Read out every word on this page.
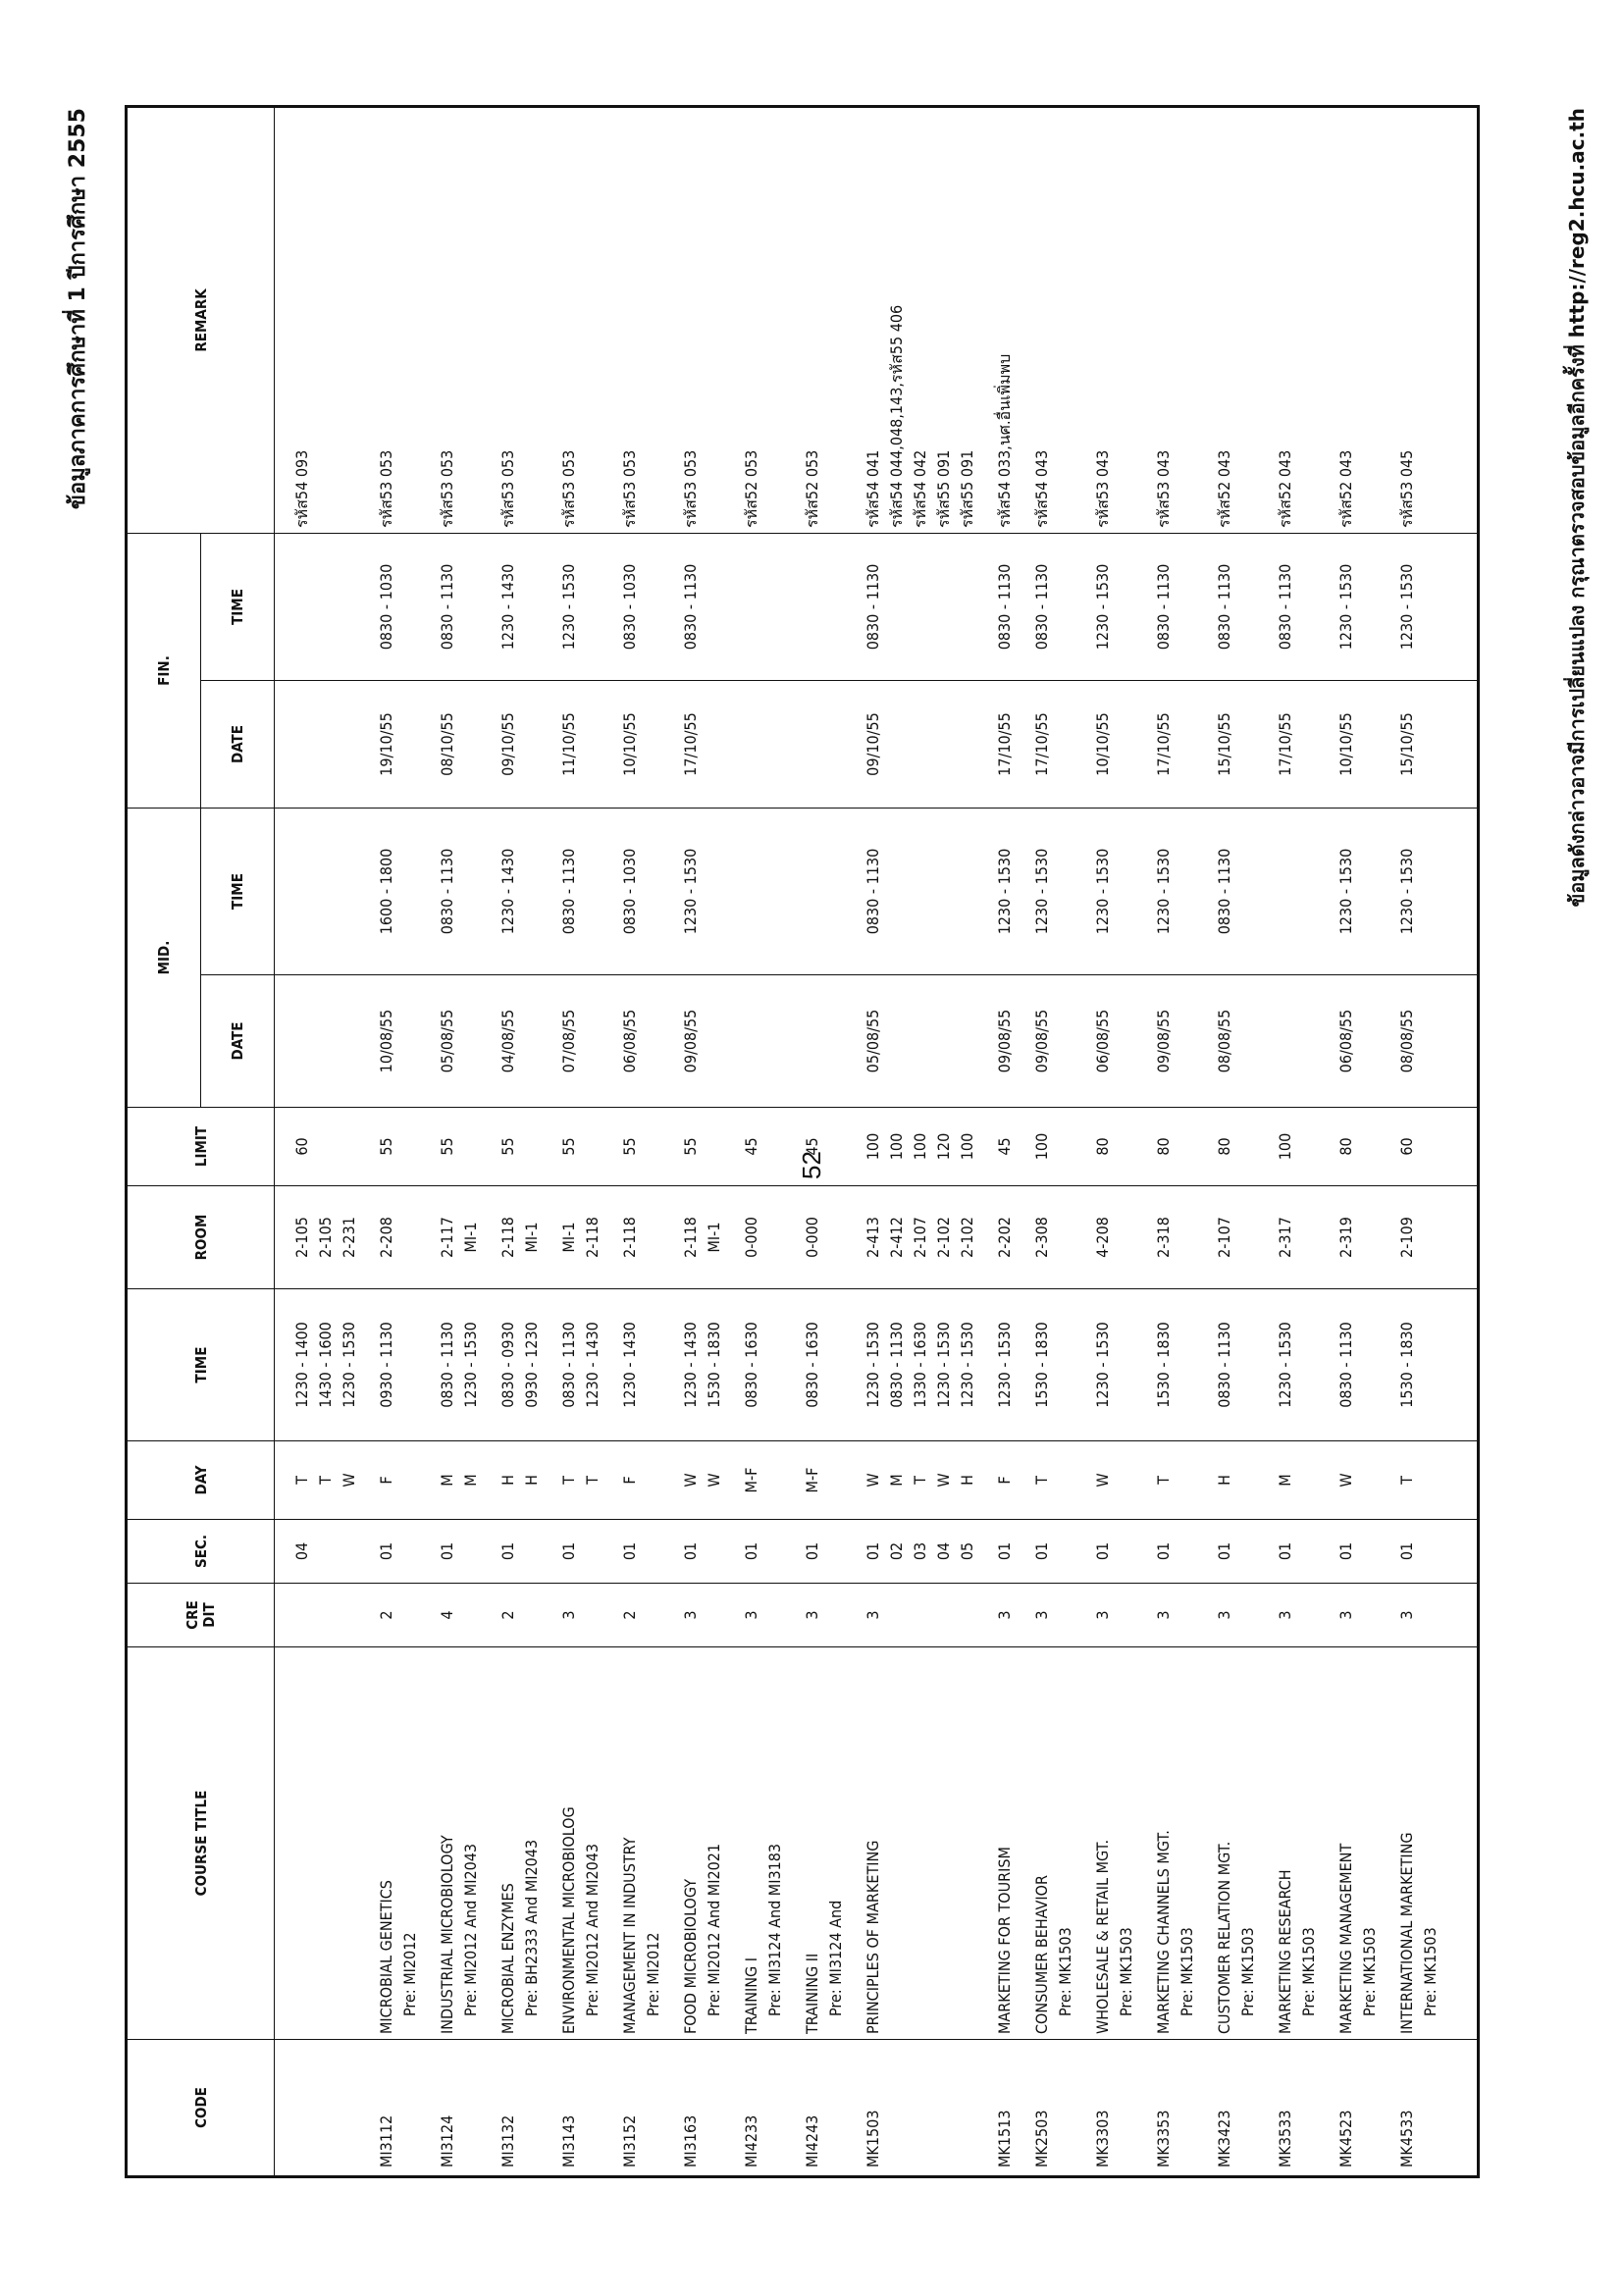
52
ข้อมูลภาคการศึกษาที่ 1 ปีการศึกษา 2555
CODE	COURSE TITLE	CRE
DIT	SEC.	DAY	TIME	ROOM	LIMIT	MID.		FIN.		REMARK
								DATE	TIME	DATE	TIME	

			04	T T W	1230 - 1400 1430 - 1600 1230 - 1530	2-105 2-105 2-231	60					รหัส54 093

MI3112	MICROBIAL GENETICS Pre: MI2012	2	01	F	0930 - 1130	2-208	55	10/08/55	1600 - 1800	19/10/55	0830 - 1030	รหัส53 053

MI3124	INDUSTRIAL MICROBIOLOGY Pre: MI2012 And MI2043	4	01	M M	0830 - 1130 1230 - 1530	2-117 MI-1	55	05/08/55	0830 - 1130	08/10/55	0830 - 1130	รหัส53 053

MI3132	MICROBIAL ENZYMES Pre: BH2333 And MI2043	2	01	H H	0830 - 0930 0930 - 1230	2-118 MI-1	55	04/08/55	1230 - 1430	09/10/55	1230 - 1430	รหัส53 053

MI3143	ENVIRONMENTAL MICROBIOLOG Pre: MI2012 And MI2043	3	01	T T	0830 - 1130 1230 - 1430	MI-1 2-118	55	07/08/55	0830 - 1130	11/10/55	1230 - 1530	รหัส53 053

MI3152	MANAGEMENT IN INDUSTRY Pre: MI2012	2	01	F	1230 - 1430	2-118	55	06/08/55	0830 - 1030	10/10/55	0830 - 1030	รหัส53 053

MI3163	FOOD MICROBIOLOGY Pre: MI2012 And MI2021	3	01	W W	1230 - 1430 1530 - 1830	2-118 MI-1	55	09/08/55	1230 - 1530	17/10/55	0830 - 1130	รหัส53 053

MI4233	TRAINING I Pre: MI3124 And MI3183	3	01	M-F	0830 - 1630	0-000	45					รหัส52 053

MI4243	TRAINING II Pre: MI3124 And	3	01	M-F	0830 - 1630	0-000	45					รหัส52 053

MK1503	PRINCIPLES OF MARKETING	3	01 02 03 04 05	W M T W H	1230 - 1530 0830 - 1130 1330 - 1630 1230 - 1530 1230 - 1530	2-413 2-412 2-107 2-102 2-102	100 100 100 120 100	05/08/55	0830 - 1130	09/10/55	0830 - 1130	รหัส54 041 รหัส54 044,048,143,รหัส55 406 รหัส54 042 รหัส55 091 รหัส55 091

MK1513	MARKETING FOR TOURISM	3	01	F	1230 - 1530	2-202	45	09/08/55	1230 - 1530	17/10/55	0830 - 1130	รหัส54 033,นศ.อื่นเพิ่มพบ

MK2503	CONSUMER BEHAVIOR Pre: MK1503	3	01	T	1530 - 1830	2-308	100	09/08/55	1230 - 1530	17/10/55	0830 - 1130	รหัส54 043

MK3303	WHOLESALE & RETAIL MGT. Pre: MK1503	3	01	W	1230 - 1530	4-208	80	06/08/55	1230 - 1530	10/10/55	1230 - 1530	รหัส53 043

MK3353	MARKETING CHANNELS MGT. Pre: MK1503	3	01	T	1530 - 1830	2-318	80	09/08/55	1230 - 1530	17/10/55	0830 - 1130	รหัส53 043

MK3423	CUSTOMER RELATION MGT. Pre: MK1503	3	01	H	0830 - 1130	2-107	80	08/08/55	0830 - 1130	15/10/55	0830 - 1130	รหัส52 043

MK3533	MARKETING RESEARCH Pre: MK1503	3	01	M	1230 - 1530	2-317	100			17/10/55	0830 - 1130	รหัส52 043

MK4523	MARKETING MANAGEMENT Pre: MK1503	3	01	W	0830 - 1130	2-319	80	06/08/55	1230 - 1530	10/10/55	1230 - 1530	รหัส52 043

MK4533	INTERNATIONAL MARKETING Pre: MK1503	3	01	T	1530 - 1830	2-109	60	08/08/55	1230 - 1530	15/10/55	1230 - 1530	รหัส53 045

													ข้อมูลดังกล่าวอาจมีการเปลี่ยนแปลง กรุณาตรวจสอบข้อมูลอีกครั้งที่ http://reg2.hcu.ac.th
